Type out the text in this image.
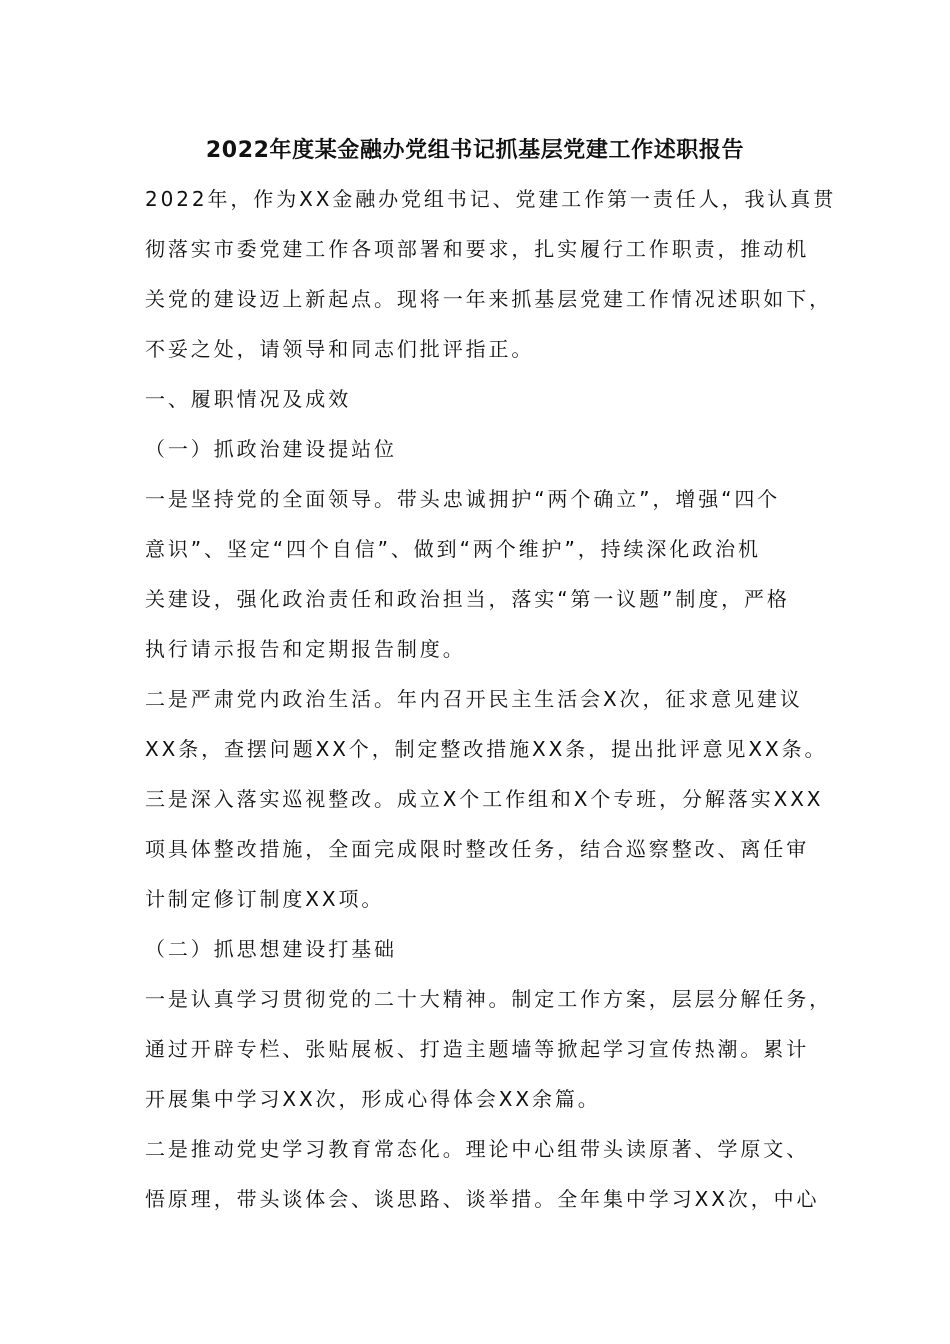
2022年度某金融办党组书记抓基层党建工作述职报告
2022年，作为XX金融办党组书记、党建工作第一责任人，我认真贯
彻落实市委党建工作各项部署和要求，扎实履行工作职责，推动机
关党的建设迈上新起点。现将一年来抓基层党建工作情况述职如下，
不妥之处，请领导和同志们批评指正。
一、履职情况及成效
（一）抓政治建设提站位
一是坚持党的全面领导。带头忠诚拥护“两个确立”，增强“四个
意识”、坚定“四个自信”、做到“两个维护”，持续深化政治机
关建设，强化政治责任和政治担当，落实“第一议题”制度，严格
执行请示报告和定期报告制度。
二是严肃党内政治生活。年内召开民主生活会X次，征求意见建议
XX条，查摆问题XX个，制定整改措施XX条，提出批评意见XX条。
三是深入落实巡视整改。成立X个工作组和X个专班，分解落实XXX
项具体整改措施，全面完成限时整改任务，结合巡察整改、离任审
计制定修订制度XX项。
（二）抓思想建设打基础
一是认真学习贯彻党的二十大精神。制定工作方案，层层分解任务，
通过开辟专栏、张贴展板、打造主题墙等掀起学习宣传热潮。累计
开展集中学习XX次，形成心得体会XX余篇。
二是推动党史学习教育常态化。理论中心组带头读原著、学原文、
悟原理，带头谈体会、谈思路、谈举措。全年集中学习XX次，中心
